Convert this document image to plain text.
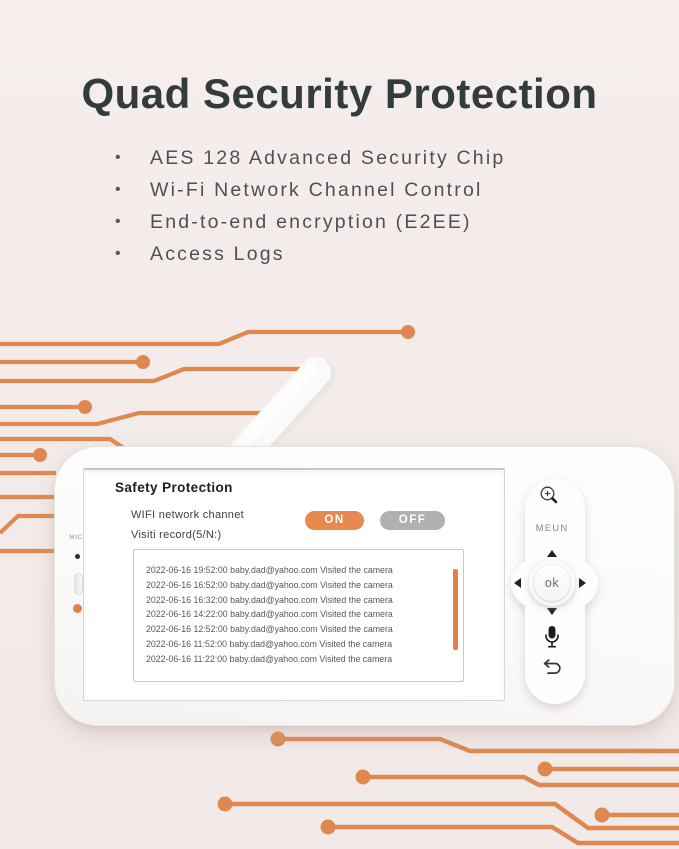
Quad Security Protection
• AES 128 Advanced Security Chip
• Wi-Fi Network Channel Control
• End-to-end encryption (E2EE)
• Access Logs
MIC
Safety Protection
WIFI network channet
Visiti record(5/N:)
ON	OFF
2022-06-16 19:52:00 baby.dad@yahoo.com Visited the camera
2022-06-16 16:52:00 baby.dad@yahoo.com Visited the camera
2022-06-16 16:32:00 baby.dad@yahoo.com Visited the camera
2022-06-16 14:22:00 baby.dad@yahoo.com Visited the camera
2022-06-16 12:52:00 baby.dad@yahoo.com Visited the camera
2022-06-16 11:52:00 baby.dad@yahoo.com Visited the camera
2022-06-16 11:22:00 baby.dad@yahoo.com Visited the camera
MEUN
ok
